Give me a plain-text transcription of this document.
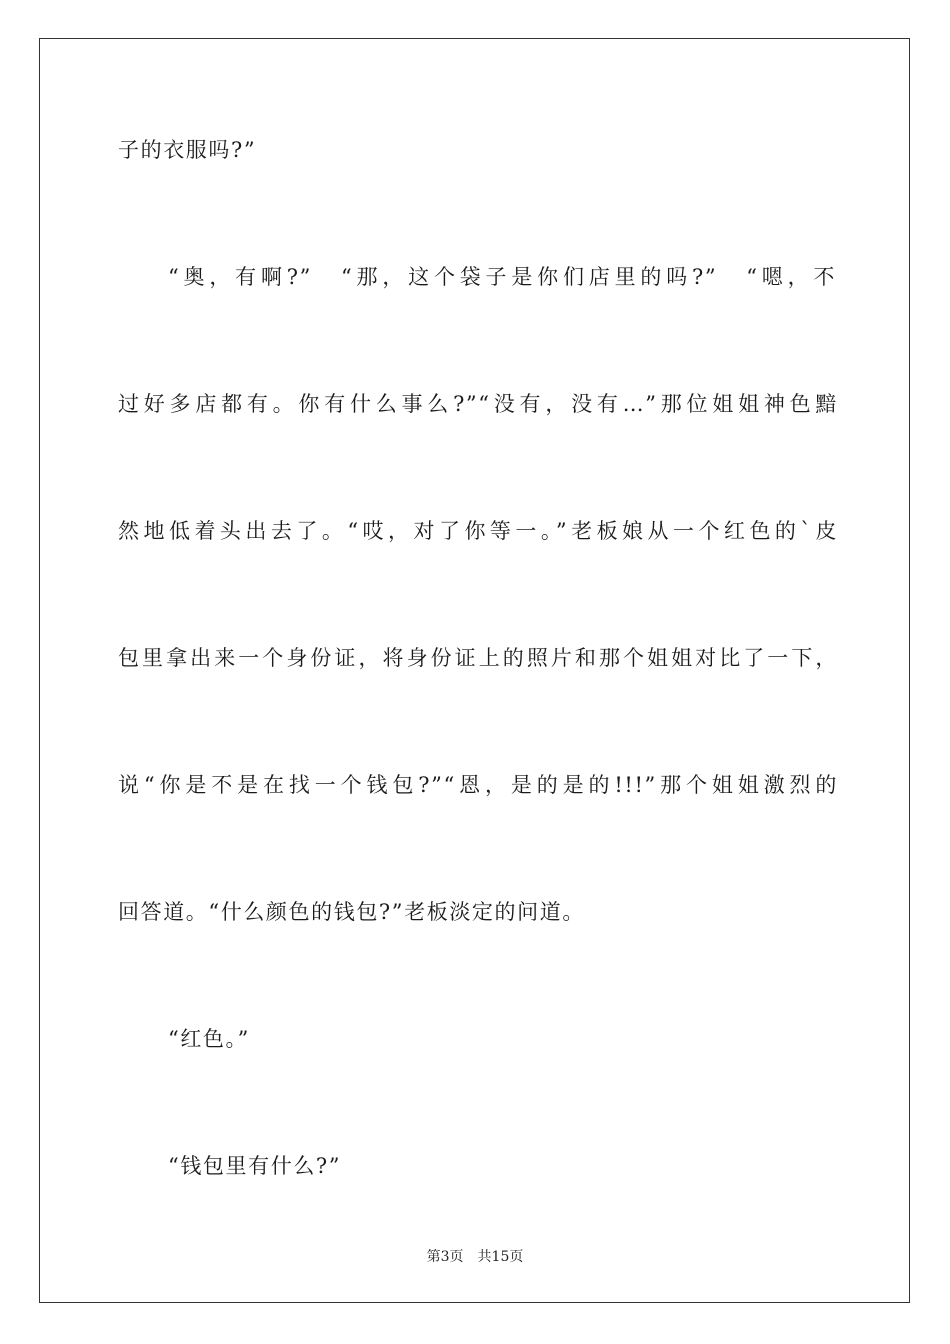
子的衣服吗?”
“奥，有啊?”　“那，这个袋子是你们店里的吗?”　“嗯，不
过好多店都有。你有什么事么?”“没有，没有…”那位姐姐神色黯
然地低着头出去了。“哎，对了你等一。”老板娘从一个红色的`皮
包里拿出来一个身份证，将身份证上的照片和那个姐姐对比了一下，
说“你是不是在找一个钱包?”“恩，是的是的!!!”那个姐姐激烈的
回答道。“什么颜色的钱包?”老板淡定的问道。
“红色。”
“钱包里有什么?”
第3页 共15页
